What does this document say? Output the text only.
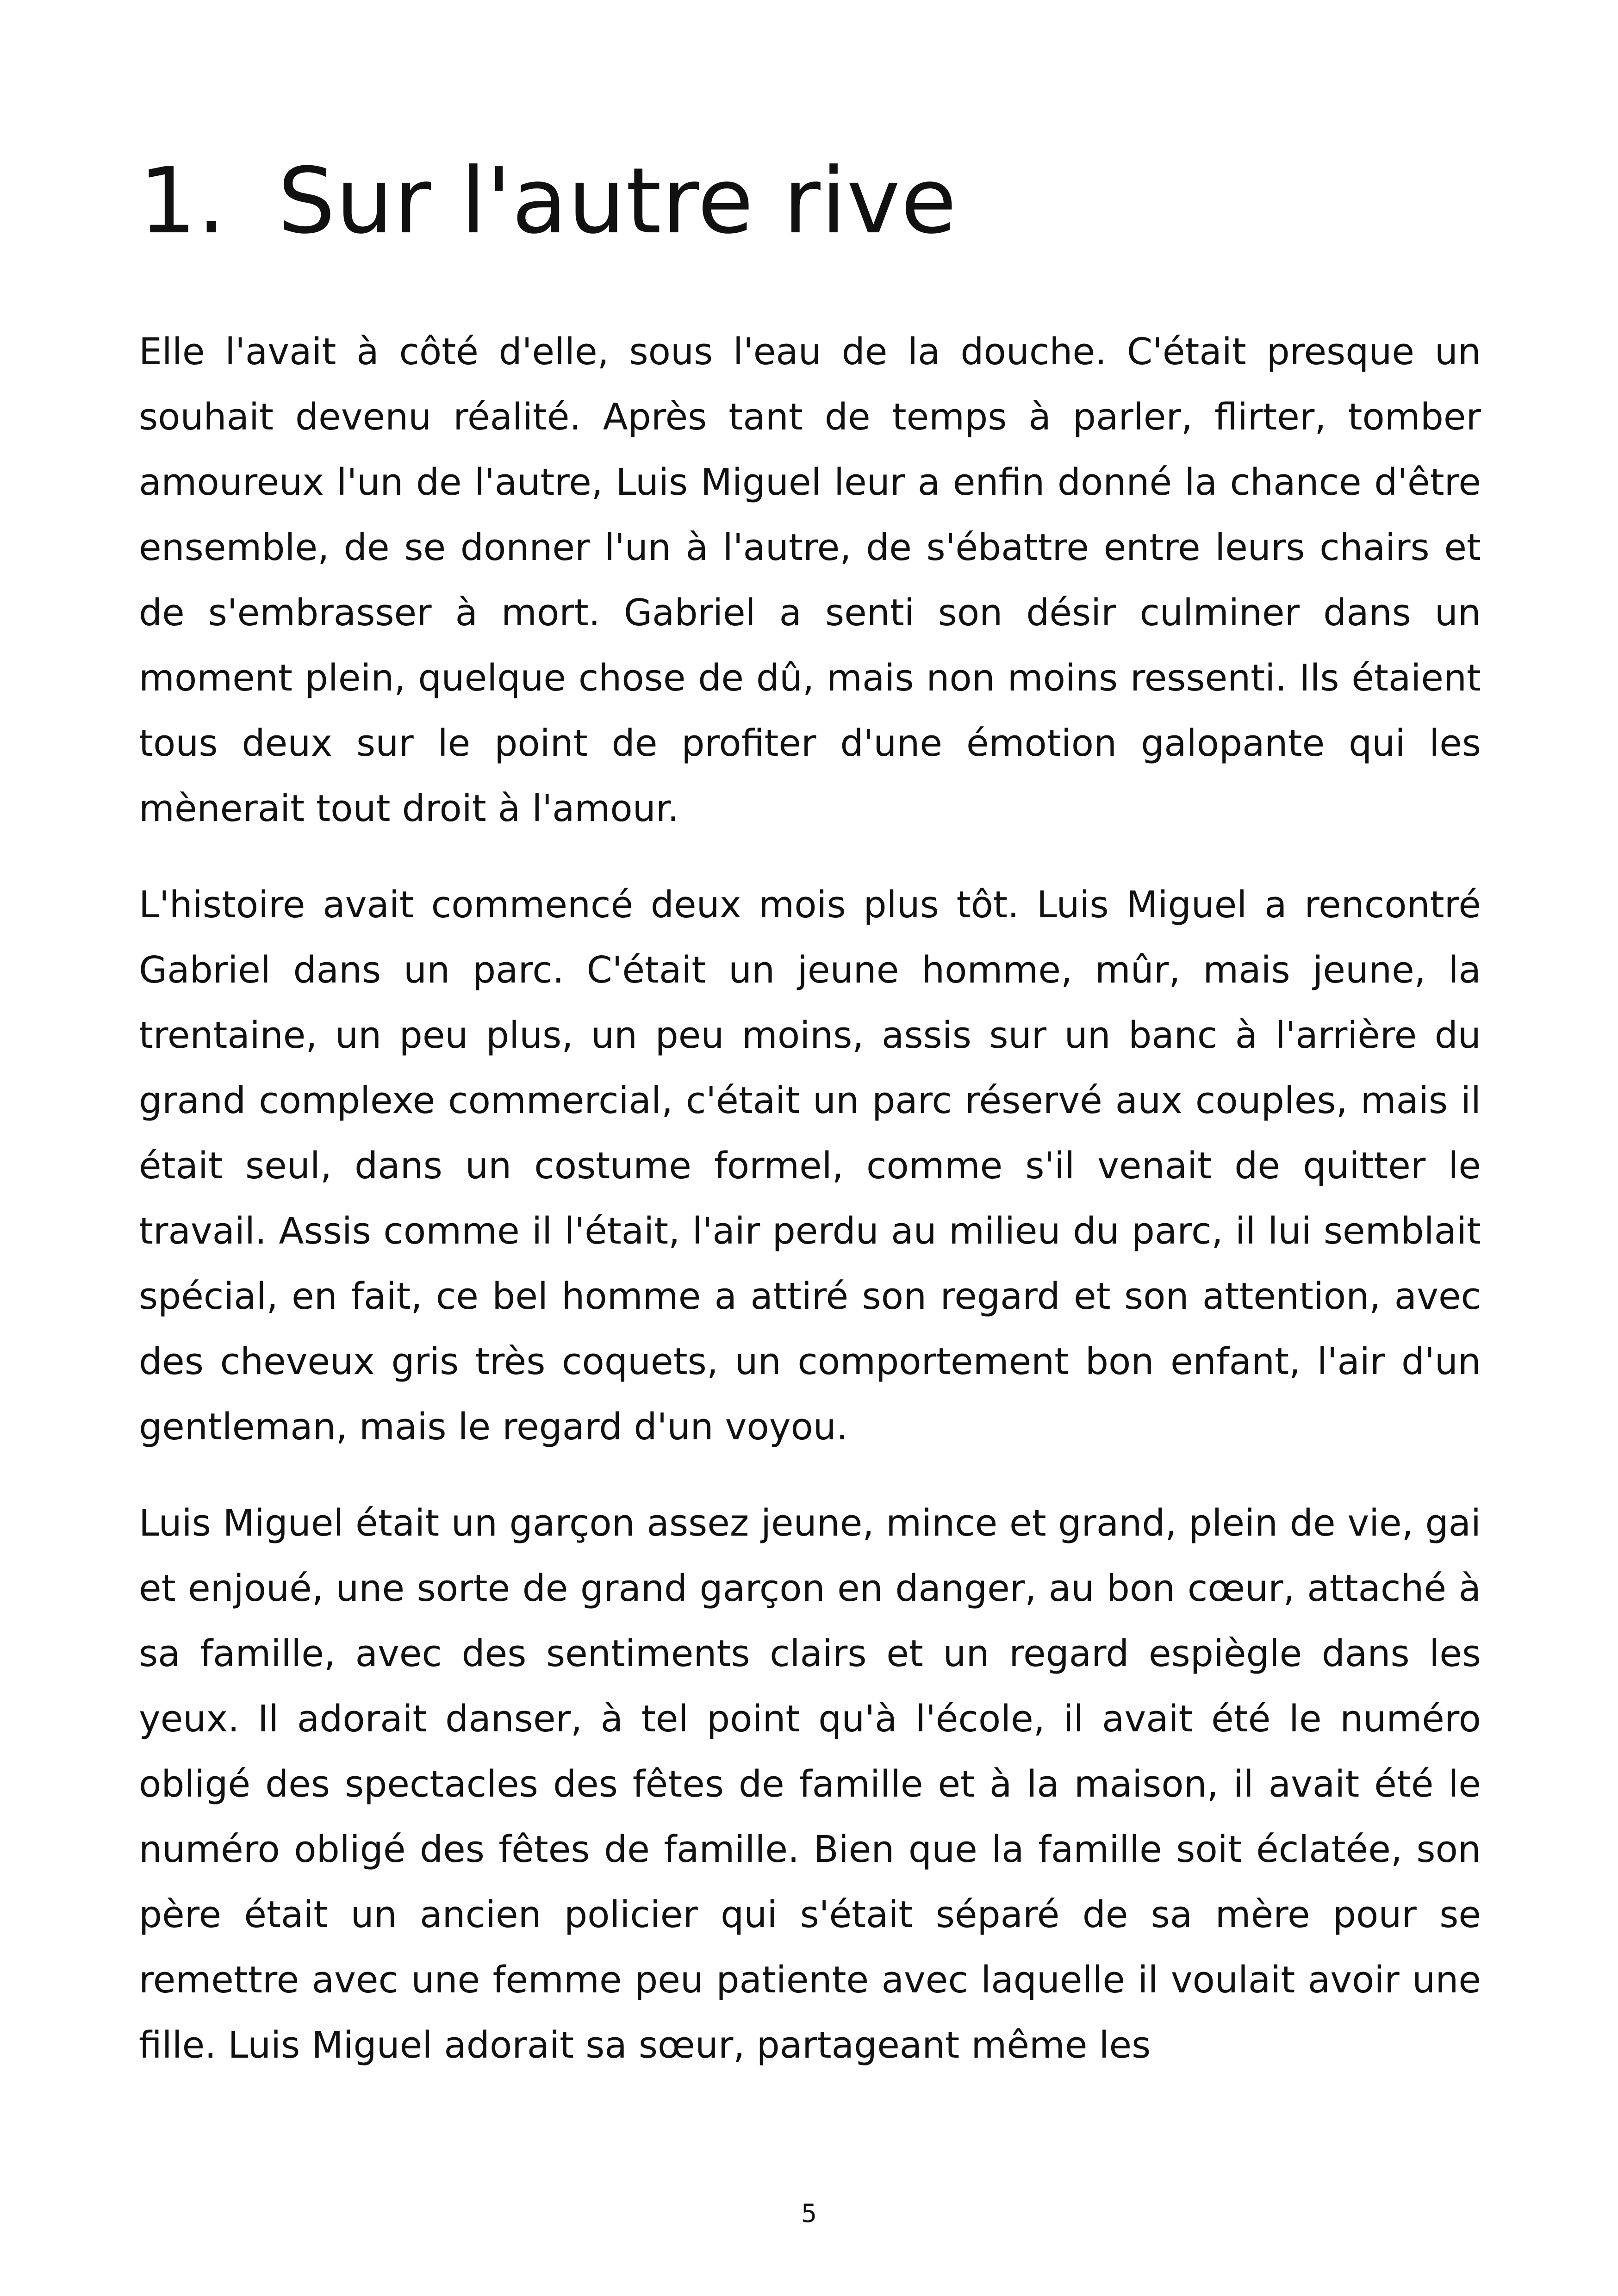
1. Sur l'autre rive

Elle l'avait à côté d'elle, sous l'eau de la douche. C'était presque un souhait devenu réalité. Après tant de temps à parler, flirter, tomber amoureux l'un de l'autre, Luis Miguel leur a enfin donné la chance d'être ensemble, de se donner l'un à l'autre, de s'ébattre entre leurs chairs et de s'embrasser à mort. Gabriel a senti son désir culminer dans un moment plein, quelque chose de dû, mais non moins ressenti. Ils étaient tous deux sur le point de profiter d'une émotion galopante qui les mènerait tout droit à l'amour.

L'histoire avait commencé deux mois plus tôt. Luis Miguel a rencontré Gabriel dans un parc. C'était un jeune homme, mûr, mais jeune, la trentaine, un peu plus, un peu moins, assis sur un banc à l'arrière du grand complexe commercial, c'était un parc réservé aux couples, mais il était seul, dans un costume formel, comme s'il venait de quitter le travail. Assis comme il l'était, l'air perdu au milieu du parc, il lui semblait spécial, en fait, ce bel homme a attiré son regard et son attention, avec des cheveux gris très coquets, un comportement bon enfant, l'air d'un gentleman, mais le regard d'un voyou.

Luis Miguel était un garçon assez jeune, mince et grand, plein de vie, gai et enjoué, une sorte de grand garçon en danger, au bon cœur, attaché à sa famille, avec des sentiments clairs et un regard espiègle dans les yeux. Il adorait danser, à tel point qu'à l'école, il avait été le numéro obligé des spectacles des fêtes de famille et à la maison, il avait été le numéro obligé des fêtes de famille. Bien que la famille soit éclatée, son père était un ancien policier qui s'était séparé de sa mère pour se remettre avec une femme peu patiente avec laquelle il voulait avoir une fille. Luis Miguel adorait sa sœur, partageant même les

5
